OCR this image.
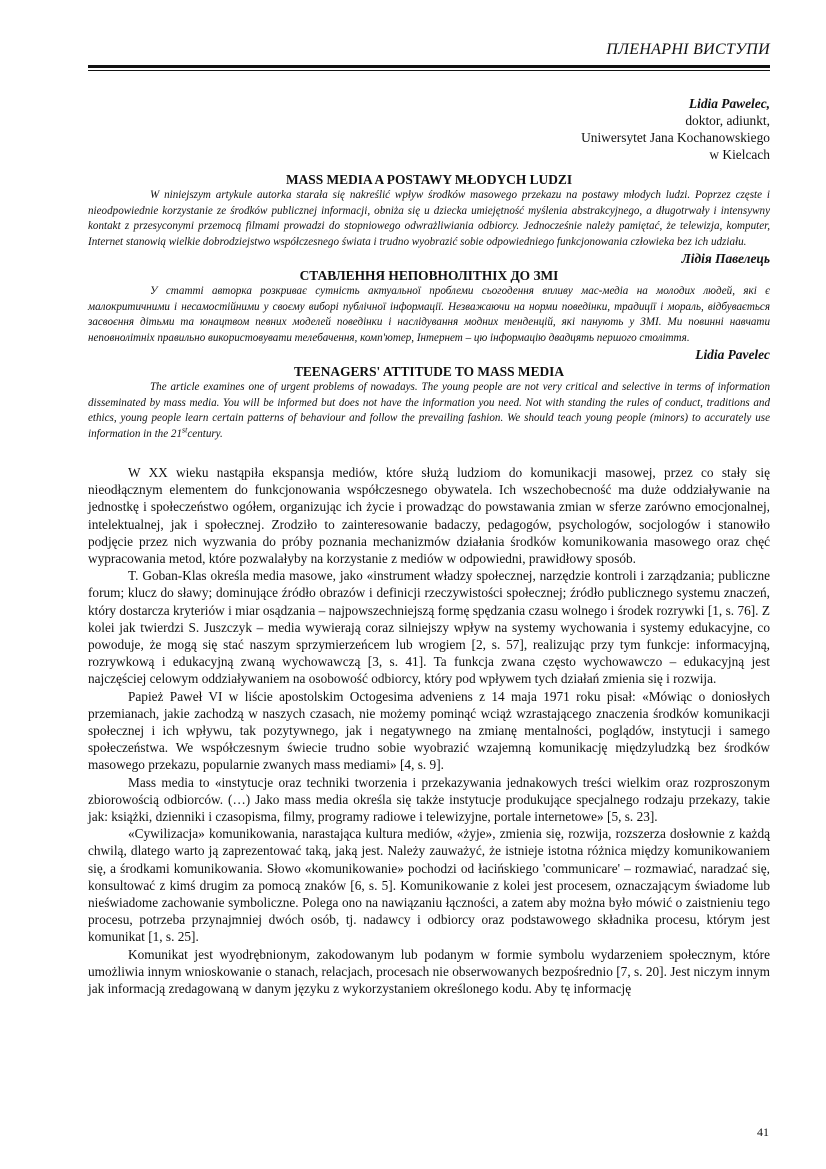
ПЛЕНАРНІ ВИСТУПИ
Lidia Pawelec,
doktor, adiunkt,
Uniwersytet Jana Kochanowskiego
w Kielcach
MASS MEDIA A POSTAWY MŁODYCH LUDZI

W niniejszym artykule autorka starała się nakreślić wpływ środków masowego przekazu na postawy młodych ludzi. Poprzez częste i nieodpowiednie korzystanie ze środków publicznej informacji, obniża się u dziecka umiejętność myślenia abstrakcyjnego, a długotrwały i intensywny kontakt z przesyconymi przemocą filmami prowadzi do stopniowego odwrażliwiania odbiorcy. Jednocześnie należy pamiętać, że telewizja, komputer, Internet stanowią wielkie dobrodziejstwo współczesnego świata i trudno wyobrazić sobie odpowiedniego funkcjonowania człowieka bez ich udziału.

Лідія Павелець
СТАВЛЕННЯ НЕПОВНОЛІТНІХ ДО ЗМІ

У статті авторка розкриває сутність актуальної проблеми сьогодення впливу мас-медіа на молодих людей, які є малокритичними і несамостійними у своєму виборі публічної інформації. Незважаючи на норми поведінки, традиції і мораль, відбувається засвоєння дітьми та юнацтвом певних моделей поведінки і наслідування модних тенденцій, які панують у ЗМІ. Ми повинні навчати неповнолітніх правильно використовувати телебачення, комп'ютер, Інтернет – цю інформацію двадцять першого століття.

Lidia Pavelec
TEENAGERS' ATTITUDE TO MASS MEDIA

The article examines one of urgent problems of nowadays. The young people are not very critical and selective in terms of information disseminated by mass media. You will be informed but does not have the information you need. Not with standing the rules of conduct, traditions and ethics, young people learn certain patterns of behaviour and follow the prevailing fashion. We should teach young people (minors) to accurately use information in the 21stcentury.

W XX wieku nastąpiła ekspansja mediów, które służą ludziom do komunikacji masowej, przez co stały się nieodłącznym elementem do funkcjonowania współczesnego obywatela. Ich wszechobecność ma duże oddziaływanie na jednostkę i społeczeństwo ogółem, organizując ich życie i prowadząc do powstawania zmian w sferze zarówno emocjonalnej, intelektualnej, jak i społecznej. Zrodziło to zainteresowanie badaczy, pedagogów, psychologów, socjologów i stanowiło podjęcie przez nich wyzwania do próby poznania mechanizmów działania środków komunikowania masowego oraz chęć wypracowania metod, które pozwalałyby na korzystanie z mediów w odpowiedni, prawidłowy sposób.

T. Goban-Klas określa media masowe, jako «instrument władzy społecznej, narzędzie kontroli i zarządzania; publiczne forum; klucz do sławy; dominujące źródło obrazów i definicji rzeczywistości społecznej; źródło publicznego systemu znaczeń, który dostarcza kryteriów i miar osądzania – najpowszechniejszą formę spędzania czasu wolnego i środek rozrywki [1, s. 76]. Z kolei jak twierdzi S. Juszczyk – media wywierają coraz silniejszy wpływ na systemy wychowania i systemy edukacyjne, co powoduje, że mogą się stać naszym sprzymierzeńcem lub wrogiem [2, s. 57], realizując przy tym funkcje: informacyjną, rozrywkową i edukacyjną zwaną wychowawczą [3, s. 41]. Ta funkcja zwana często wychowawczo – edukacyjną jest najczęściej celowym oddziaływaniem na osobowość odbiorcy, który pod wpływem tych działań zmienia się i rozwija.

Papież Paweł VI w liście apostolskim Octogesima adveniens z 14 maja 1971 roku pisał: «Mówiąc o doniosłych przemianach, jakie zachodzą w naszych czasach, nie możemy pominąć wciąż wzrastającego znaczenia środków komunikacji społecznej i ich wpływu, tak pozytywnego, jak i negatywnego na zmianę mentalności, poglądów, instytucji i samego społeczeństwa. We współczesnym świecie trudno sobie wyobrazić wzajemną komunikację międzyludzką bez środków masowego przekazu, popularnie zwanych mass mediami» [4, s. 9].

Mass media to «instytucje oraz techniki tworzenia i przekazywania jednakowych treści wielkim oraz rozproszonym zbiorowością odbiorców. (…) Jako mass media określa się także instytucje produkujące specjalnego rodzaju przekazy, takie jak: książki, dzienniki i czasopisma, filmy, programy radiowe i telewizyjne, portale internetowe» [5, s. 23].

«Cywilizacja» komunikowania, narastająca kultura mediów, «żyje», zmienia się, rozwija, rozszerza dosłownie z każdą chwilą, dlatego warto ją zaprezentować taką, jaką jest. Należy zauważyć, że istnieje istotna różnica między komunikowaniem się, a środkami komunikowania. Słowo «komunikowanie» pochodzi od łacińskiego 'communicare' – rozmawiać, naradzać się, konsultować z kimś drugim za pomocą znaków [6, s. 5]. Komunikowanie z kolei jest procesem, oznaczającym świadome lub nieświadome zachowanie symboliczne. Polega ono na nawiązaniu łączności, a zatem aby można było mówić o zaistnieniu tego procesu, potrzeba przynajmniej dwóch osób, tj. nadawcy i odbiorcy oraz podstawowego składnika procesu, którym jest komunikat [1, s. 25].

Komunikat jest wyodrębnionym, zakodowanym lub podanym w formie symbolu wydarzeniem społecznym, które umożliwia innym wnioskowanie o stanach, relacjach, procesach nie obserwowanych bezpośrednio [7, s. 20]. Jest niczym innym jak informacją zredagowaną w danym języku z wykorzystaniem określonego kodu. Aby tę informację

41
